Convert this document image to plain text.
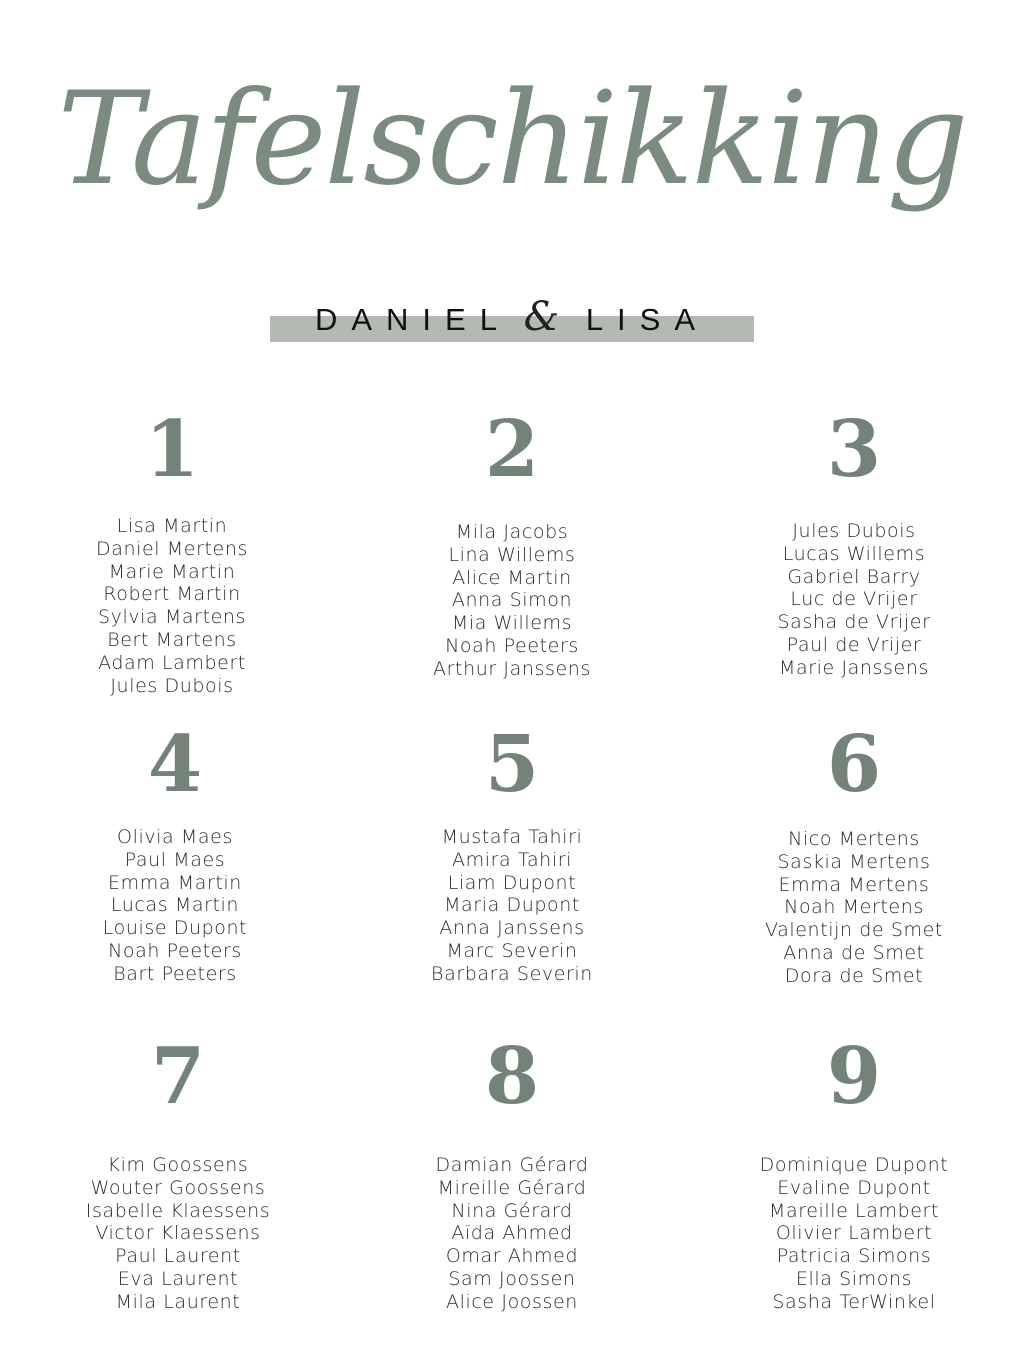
Tafelschikking
DANIEL & LISA
1
Lisa Martin
Daniel Mertens
Marie Martin
Robert Martin
Sylvia Martens
Bert Martens
Adam Lambert
Jules Dubois
2
Mila Jacobs
Lina Willems
Alice Martin
Anna Simon
Mia Willems
Noah Peeters
Arthur Janssens
3
Jules Dubois
Lucas Willems
Gabriel Barry
Luc de Vrijer
Sasha de Vrijer
Paul de Vrijer
Marie Janssens
4
Olivia Maes
Paul Maes
Emma Martin
Lucas Martin
Louise Dupont
Noah Peeters
Bart Peeters
5
Mustafa Tahiri
Amira Tahiri
Liam Dupont
Maria Dupont
Anna Janssens
Marc Severin
Barbara Severin
6
Nico Mertens
Saskia Mertens
Emma Mertens
Noah Mertens
Valentijn de Smet
Anna de Smet
Dora de Smet
7
Kim Goossens
Wouter Goossens
Isabelle Klaessens
Victor Klaessens
Paul Laurent
Eva Laurent
Mila Laurent
8
Damian Gérard
Mireille Gérard
Nina Gérard
Aïda Ahmed
Omar Ahmed
Sam Joossen
Alice Joossen
9
Dominique Dupont
Evaline Dupont
Mareille Lambert
Olivier Lambert
Patricia Simons
Ella Simons
Sasha TerWinkel
